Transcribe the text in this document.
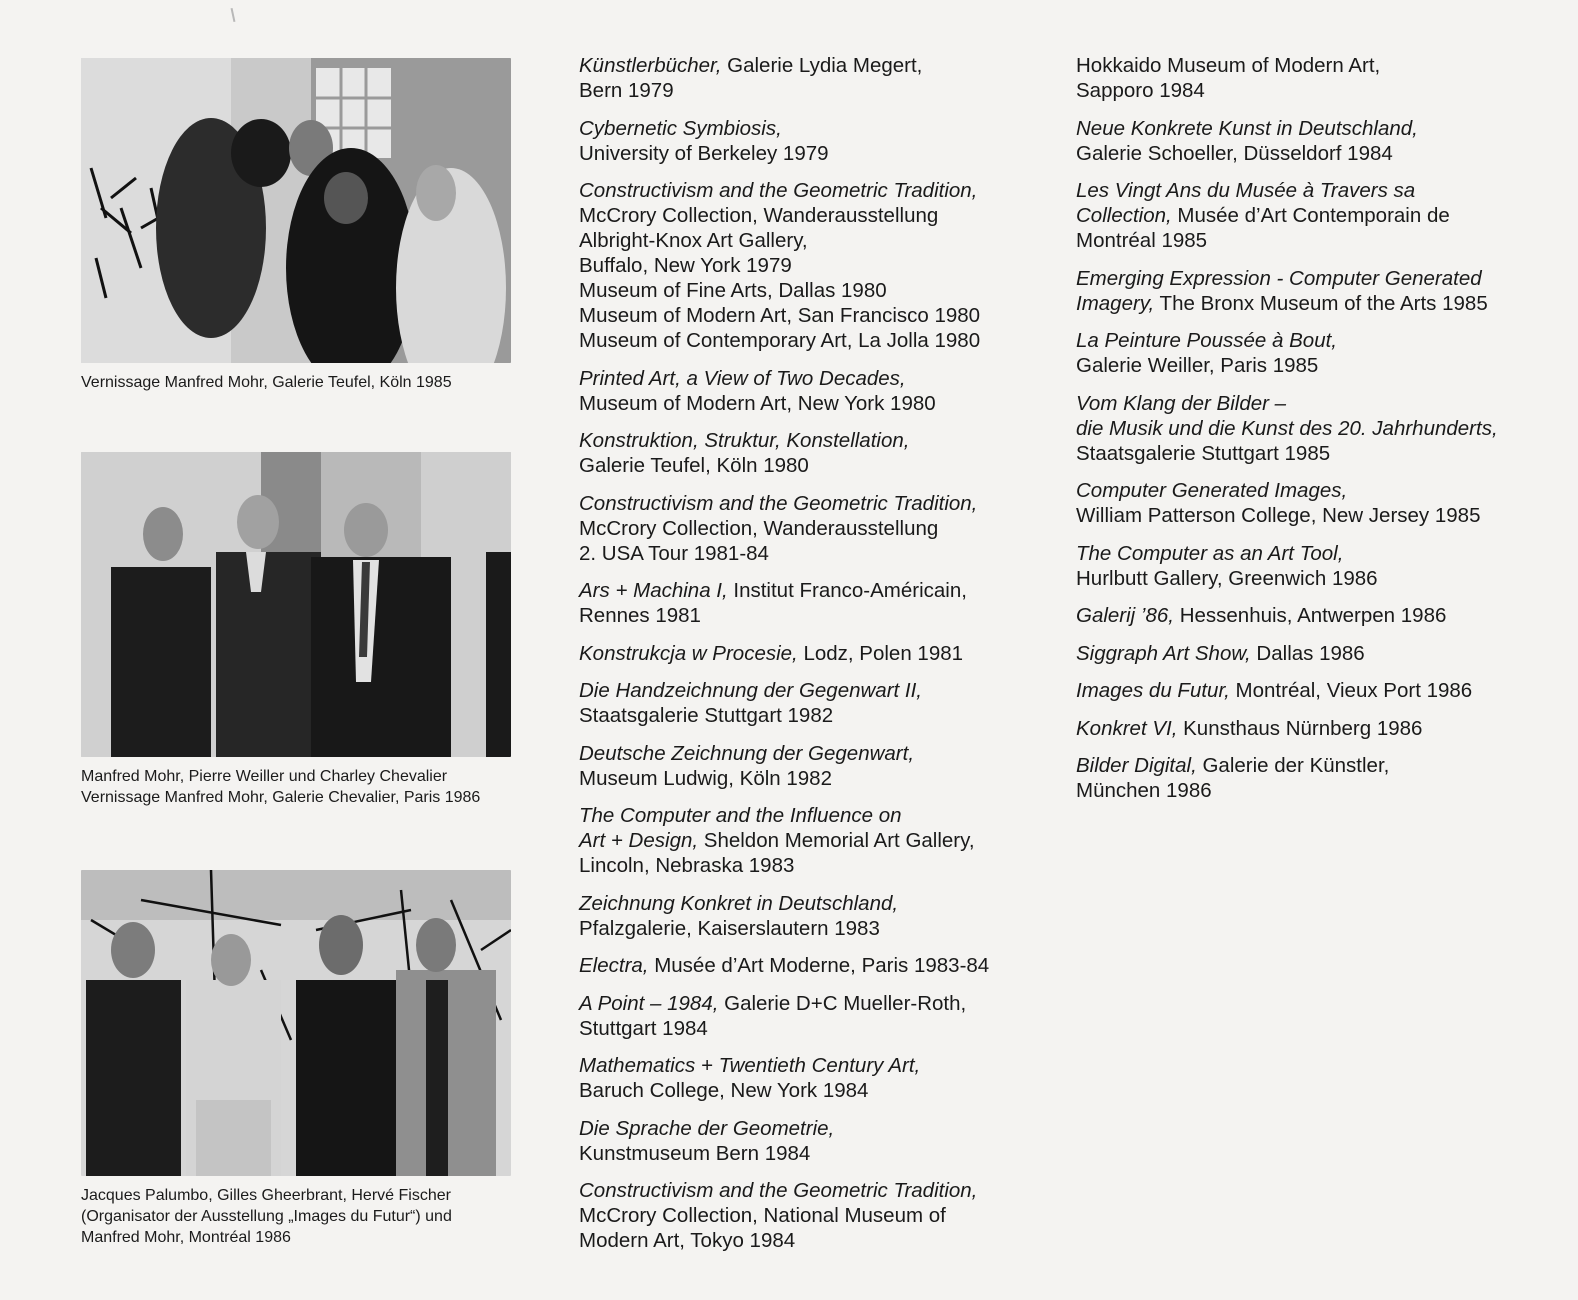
Vernissage Manfred Mohr, Galerie Teufel, Köln 1985
Manfred Mohr, Pierre Weiller und Charley Chevalier
Vernissage Manfred Mohr, Galerie Chevalier, Paris 1986
Jacques Palumbo, Gilles Gheerbrant, Hervé Fischer
(Organisator der Ausstellung „Images du Futur“) und
Manfred Mohr, Montréal 1986
Künstlerbücher, Galerie Lydia Megert,
Bern 1979
Cybernetic Symbiosis,
University of Berkeley 1979
Constructivism and the Geometric Tradition,
McCrory Collection, Wanderausstellung
Albright-Knox Art Gallery,
Buffalo, New York 1979
Museum of Fine Arts, Dallas 1980
Museum of Modern Art, San Francisco 1980
Museum of Contemporary Art, La Jolla 1980
Printed Art, a View of Two Decades,
Museum of Modern Art, New York 1980
Konstruktion, Struktur, Konstellation,
Galerie Teufel, Köln 1980
Constructivism and the Geometric Tradition,
McCrory Collection, Wanderausstellung
2. USA Tour 1981-84
Ars + Machina I, Institut Franco-Américain,
Rennes 1981
Konstrukcja w Procesie, Lodz, Polen 1981
Die Handzeichnung der Gegenwart II,
Staatsgalerie Stuttgart 1982
Deutsche Zeichnung der Gegenwart,
Museum Ludwig, Köln 1982
The Computer and the Influence on
Art + Design, Sheldon Memorial Art Gallery,
Lincoln, Nebraska 1983
Zeichnung Konkret in Deutschland,
Pfalzgalerie, Kaiserslautern 1983
Electra, Musée d’Art Moderne, Paris 1983-84
A Point – 1984, Galerie D+C Mueller-Roth,
Stuttgart 1984
Mathematics + Twentieth Century Art,
Baruch College, New York 1984
Die Sprache der Geometrie,
Kunstmuseum Bern 1984
Constructivism and the Geometric Tradition,
McCrory Collection, National Museum of
Modern Art, Tokyo 1984
Hokkaido Museum of Modern Art,
Sapporo 1984
Neue Konkrete Kunst in Deutschland,
Galerie Schoeller, Düsseldorf 1984
Les Vingt Ans du Musée à Travers sa
Collection, Musée d’Art Contemporain de
Montréal 1985
Emerging Expression - Computer Generated
Imagery, The Bronx Museum of the Arts 1985
La Peinture Poussée à Bout,
Galerie Weiller, Paris 1985
Vom Klang der Bilder –
die Musik und die Kunst des 20. Jahrhunderts,
Staatsgalerie Stuttgart 1985
Computer Generated Images,
William Patterson College, New Jersey 1985
The Computer as an Art Tool,
Hurlbutt Gallery, Greenwich 1986
Galerij ’86, Hessenhuis, Antwerpen 1986
Siggraph Art Show, Dallas 1986
Images du Futur, Montréal, Vieux Port 1986
Konkret VI, Kunsthaus Nürnberg 1986
Bilder Digital, Galerie der Künstler,
München 1986
